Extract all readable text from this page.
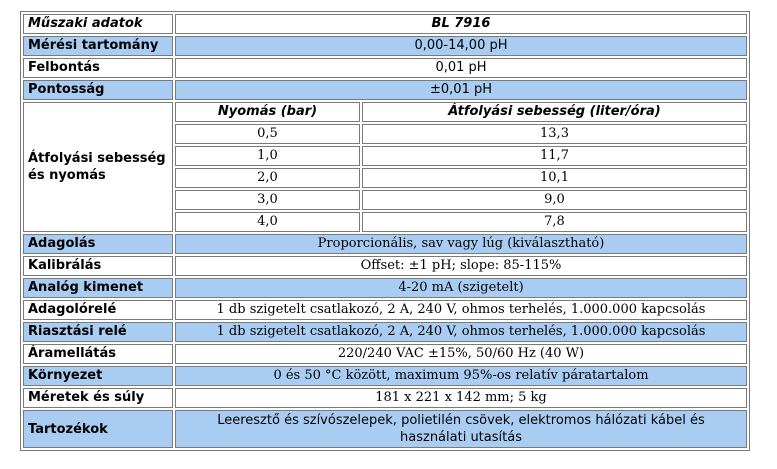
Műszaki adatok	BL 7916	
Mérési tartomány	0,00-14,00 pH	
Felbontás	0,01 pH	
Pontosság	±0,01 pH	
Átfolyási sebesség
és nyomás	Nyomás (bar)	Átfolyási sebesség (liter/óra)
	0,5	13,3
	1,0	11,7
	2,0	10,1
	3,0	9,0
	4,0	7,8
Adagolás	Proporcionális, sav vagy lúg (kiválasztható)	
Kalibrálás	Offset: ±1 pH; slope: 85-115%	
Analóg kimenet	4-20 mA (szigetelt)	
Adagolórelé	1 db szigetelt csatlakozó, 2 A, 240 V, ohmos terhelés, 1.000.000 kapcsolás	
Riasztási relé	1 db szigetelt csatlakozó, 2 A, 240 V, ohmos terhelés, 1.000.000 kapcsolás	
Áramellátás	220/240 VAC ±15%, 50/60 Hz (40 W)	
Környezet	0 és 50 °C között, maximum 95%-os relatív páratartalom	
Méretek és súly	181 x 221 x 142 mm; 5 kg	
Tartozékok	Leeresztő és szívószelepek, polietilén csövek, elektromos hálózati kábel és
használati utasítás	
